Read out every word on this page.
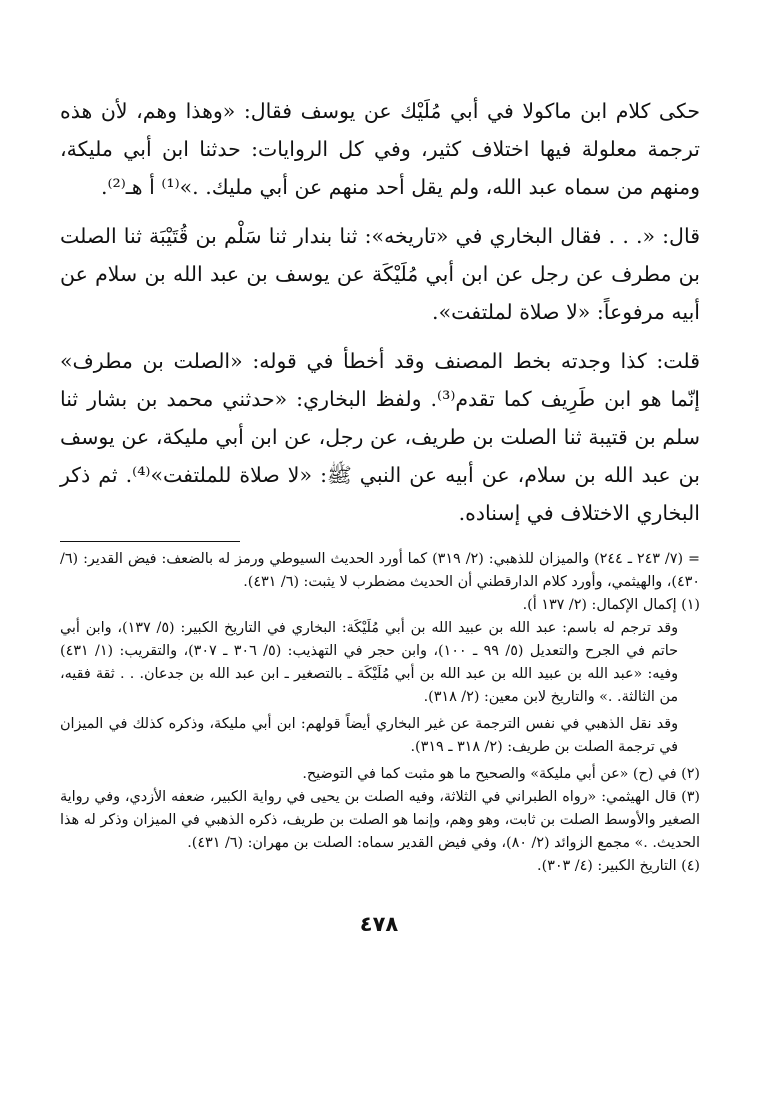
حكى كلام ابن ماكولا في أبي مُلَيْك عن يوسف فقال: «وهذا وهم، لأن هذه ترجمة معلولة فيها اختلاف كثير، وفي كل الروايات: حدثنا ابن أبي مليكة، ومنهم من سماه عبد الله، ولم يقل أحد منهم عن أبي مليك. .»⁽¹⁾ أ هـ⁽²⁾.

قال: «. . . فقال البخاري في «تاريخه»: ثنا بندار ثنا سَلْم بن قُتَيْبَة ثنا الصلت بن مطرف عن رجل عن ابن أبي مُلَيْكَة عن يوسف بن عبد الله بن سلام عن أبيه مرفوعاً: «لا صلاة لملتفت».

قلت: كذا وجدته بخط المصنف وقد أخطأ في قوله: «الصلت بن مطرف» إنّما هو ابن طَرِيف كما تقدم⁽³⁾. ولفظ البخاري: «حدثني محمد بن بشار ثنا سلم بن قتيبة ثنا الصلت بن طريف، عن رجل، عن ابن أبي مليكة، عن يوسف بن عبد الله بن سلام، عن أبيه عن النبي ﷺ: «لا صلاة للملتفت»⁽⁴⁾. ثم ذكر البخاري الاختلاف في إسناده.

= (٧/ ٢٤٣ ـ ٢٤٤) والميزان للذهبي: (٢/ ٣١٩) كما أورد الحديث السيوطي ورمز له بالضعف: فيض القدير: (٦/ ٤٣٠)، والهيثمي، وأورد كلام الدارقطني أن الحديث مضطرب لا يثبت: (٦/ ٤٣١).

(١) إكمال الإكمال: (٢/ ١٣٧ أ).

وقد ترجم له باسم: عبد الله بن عبيد الله بن أبي مُلَيْكَة: البخاري في التاريخ الكبير: (٥/ ١٣٧)، وابن أبي حاتم في الجرح والتعديل (٥/ ٩٩ ـ ١٠٠)، وابن حجر في التهذيب: (٥/ ٣٠٦ ـ ٣٠٧)، والتقريب: (١/ ٤٣١) وفيه: «عبد الله بن عبيد الله بن عبد الله بن أبي مُلَيْكَة ـ بالتصغير ـ ابن عبد الله بن جدعان. . . ثقة فقيه، من الثالثة. .» والتاريخ لابن معين: (٢/ ٣١٨).

وقد نقل الذهبي في نفس الترجمة عن غير البخاري أيضاً قولهم: ابن أبي مليكة، وذكره كذلك في الميزان في ترجمة الصلت بن طريف: (٢/ ٣١٨ ـ ٣١٩).

(٢) في (ح) «عن أبي مليكة» والصحيح ما هو مثبت كما في التوضيح.

(٣) قال الهيثمي: «رواه الطبراني في الثلاثة، وفيه الصلت بن يحيى في رواية الكبير، ضعفه الأزدي، وفي رواية الصغير والأوسط الصلت بن ثابت، وهو وهم، وإنما هو الصلت بن طريف، ذكره الذهبي في الميزان وذكر له هذا الحديث. .» مجمع الزوائد (٢/ ٨٠)، وفي فيض القدير سماه: الصلت بن مهران: (٦/ ٤٣١).

(٤) التاريخ الكبير: (٤/ ٣٠٣).

٤٧٨
